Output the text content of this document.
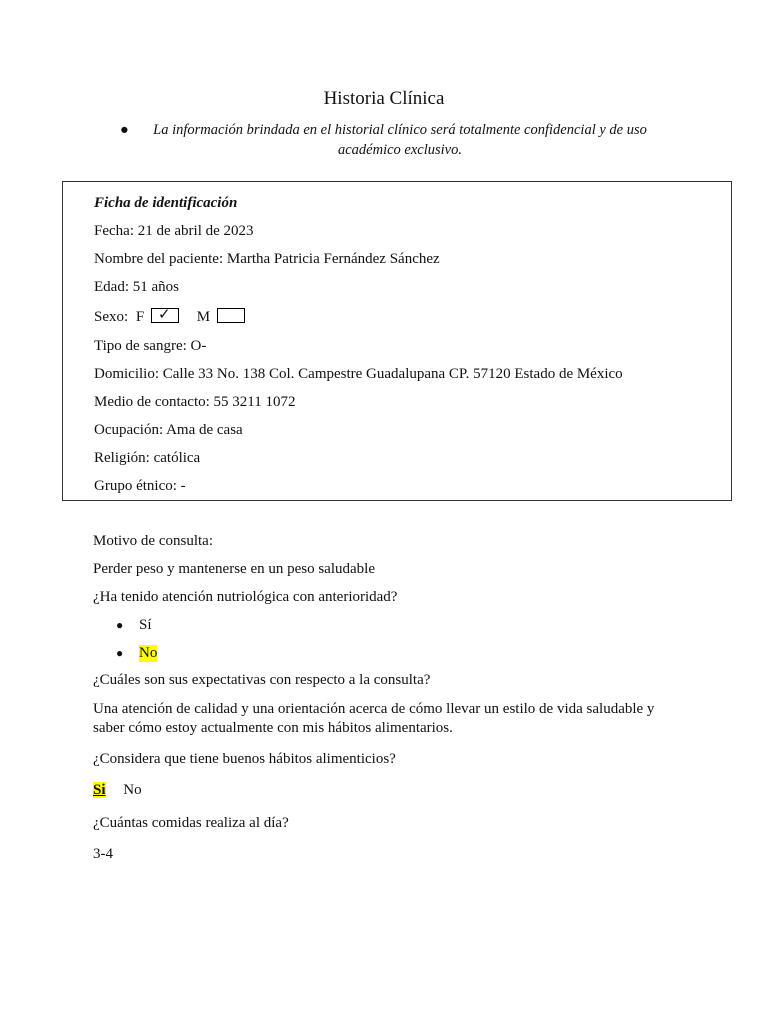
Historia Clínica
● La información brindada en el historial clínico será totalmente confidencial y de uso académico exclusivo.
Ficha de identificación
Fecha: 21 de abril de 2023
Nombre del paciente: Martha Patricia Fernández Sánchez
Edad: 51 años
Sexo: F ✓ M
Tipo de sangre: O-
Domicilio: Calle 33 No. 138 Col. Campestre Guadalupana CP. 57120 Estado de México
Medio de contacto: 55 3211 1072
Ocupación: Ama de casa
Religión: católica
Grupo étnico: -
Motivo de consulta:
Perder peso y mantenerse en un peso saludable
¿Ha tenido atención nutriológica con anterioridad?
● Sí
● No
¿Cuáles son sus expectativas con respecto a la consulta?
Una atención de calidad y una orientación acerca de cómo llevar un estilo de vida saludable y saber cómo estoy actualmente con mis hábitos alimentarios.
¿Considera que tiene buenos hábitos alimenticios?
Si No
¿Cuántas comidas realiza al día?
3-4
